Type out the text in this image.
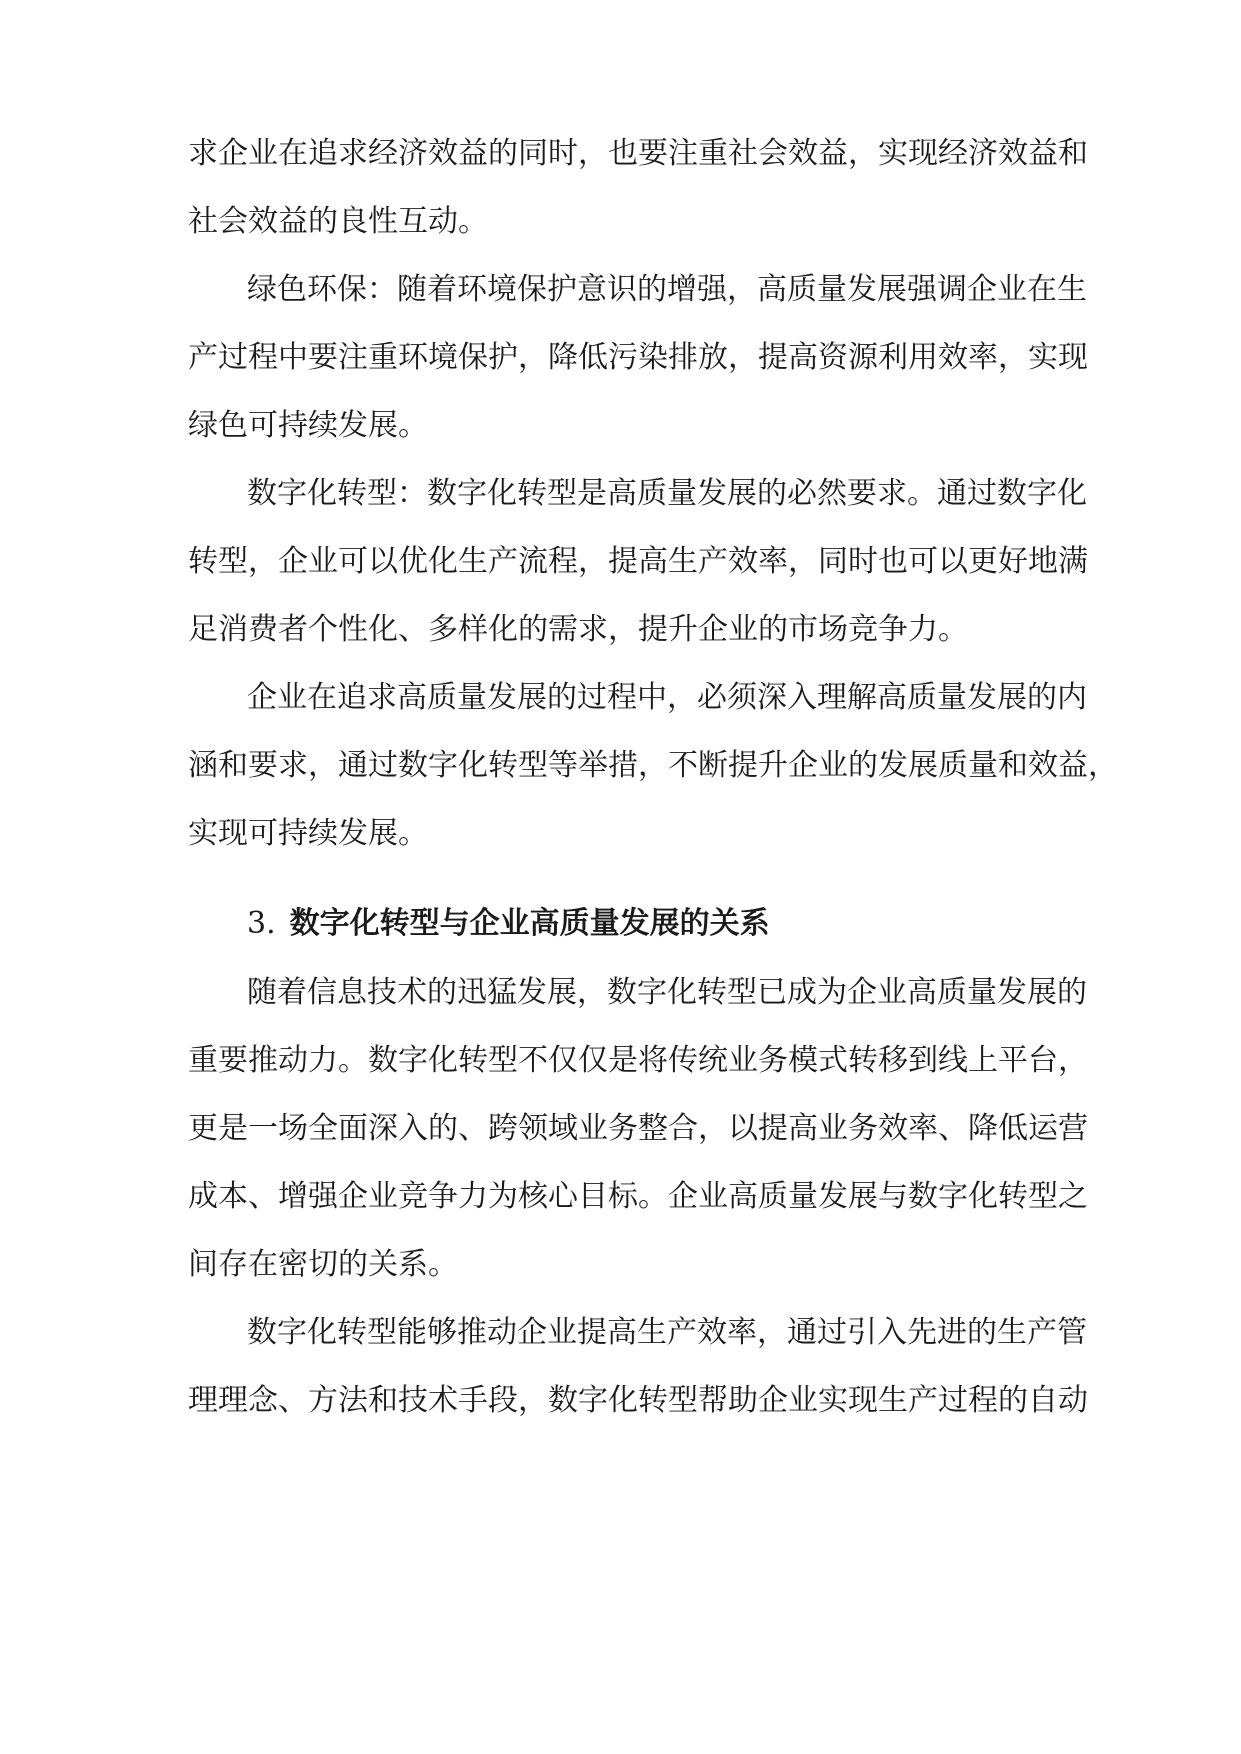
求企业在追求经济效益的同时，也要注重社会效益，实现经济效益和
社会效益的良性互动。
绿色环保：随着环境保护意识的增强，高质量发展强调企业在生
产过程中要注重环境保护，降低污染排放，提高资源利用效率，实现
绿色可持续发展。
数字化转型：数字化转型是高质量发展的必然要求。通过数字化
转型，企业可以优化生产流程，提高生产效率，同时也可以更好地满
足消费者个性化、多样化的需求，提升企业的市场竞争力。
企业在追求高质量发展的过程中，必须深入理解高质量发展的内
涵和要求，通过数字化转型等举措，不断提升企业的发展质量和效益，
实现可持续发展。
3. 数字化转型与企业高质量发展的关系
随着信息技术的迅猛发展，数字化转型已成为企业高质量发展的
重要推动力。数字化转型不仅仅是将传统业务模式转移到线上平台，
更是一场全面深入的、跨领域业务整合，以提高业务效率、降低运营
成本、增强企业竞争力为核心目标。企业高质量发展与数字化转型之
间存在密切的关系。
数字化转型能够推动企业提高生产效率，通过引入先进的生产管
理理念、方法和技术手段，数字化转型帮助企业实现生产过程的自动
